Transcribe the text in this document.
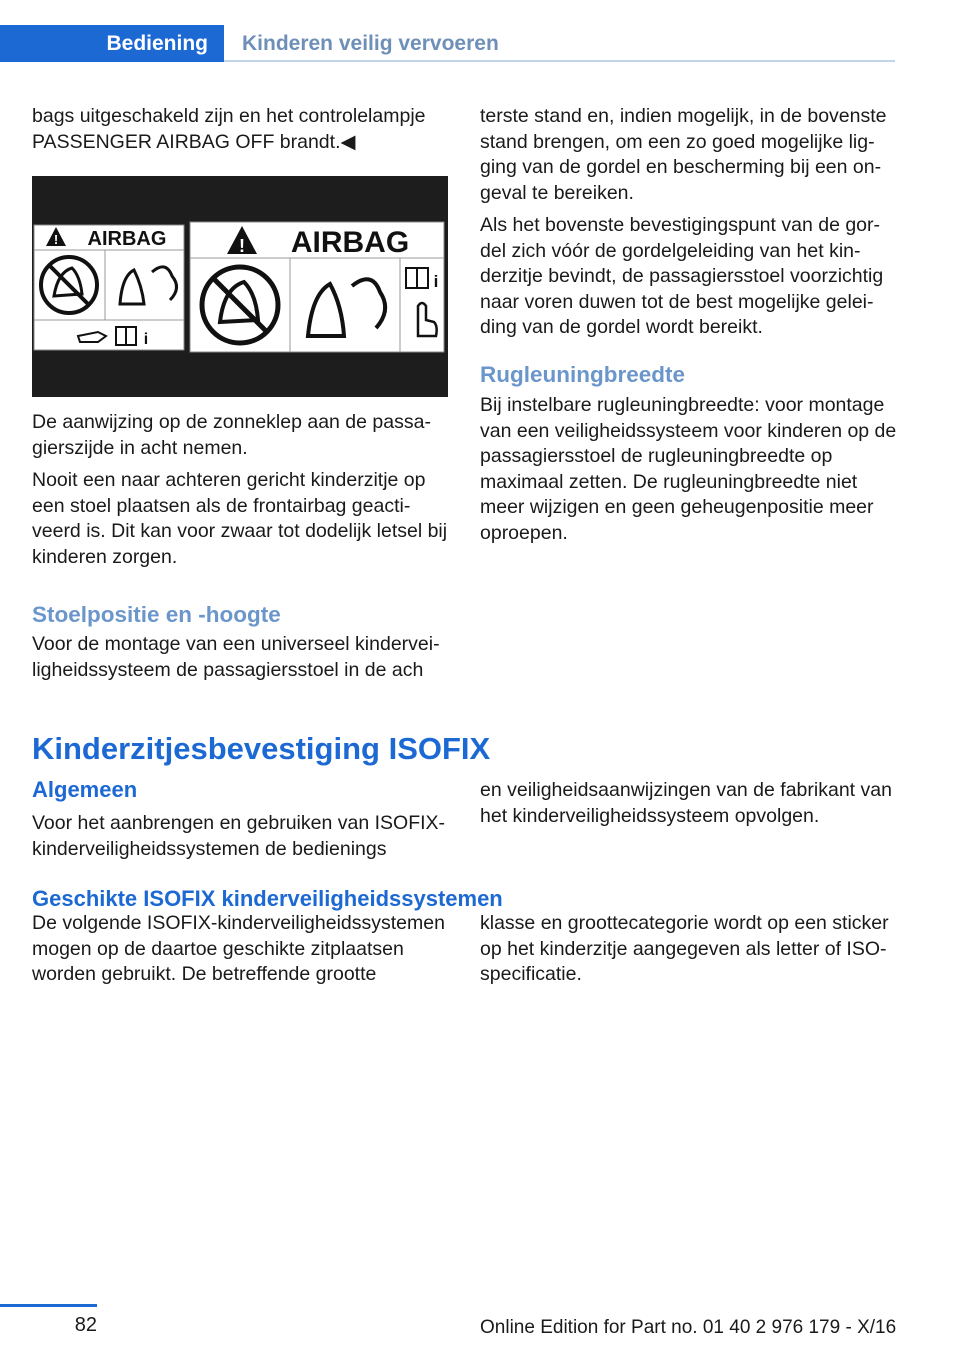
Bediening	Kinderen veilig vervoeren

bags uitgeschakeld zijn en het controlelampje PASSENGER AIRBAG OFF brandt.◀

! AIRBAG
i
! AIRBAG
i

De aanwijzing op de zonneklep aan de passagierszijde in acht nemen.

Nooit een naar achteren gericht kinderzitje op een stoel plaatsen als de frontairbag geactiveerd is. Dit kan voor zwaar tot dodelijk letsel bij kinderen zorgen.

Stoelpositie en -hoogte

Voor de montage van een universeel kinderveiligheidssysteem de passagiersstoel in de ach

terste stand en, indien mogelijk, in de bovenste stand brengen, om een zo goed mogelijke ligging van de gordel en bescherming bij een ongeval te bereiken.

Als het bovenste bevestigingspunt van de gordel zich vóór de gordelgeleiding van het kinderzitje bevindt, de passagiersstoel voorzichtig naar voren duwen tot de best mogelijke geleiding van de gordel wordt bereikt.

Rugleuningbreedte

Bij instelbare rugleuningbreedte: voor montage van een veiligheidssysteem voor kinderen op de passagiersstoel de rugleuningbreedte op maximaal zetten. De rugleuningbreedte niet meer wijzigen en geen geheugenpositie meer oproepen.

Kinderzitjesbevestiging ISOFIX
Algemeen

Voor het aanbrengen en gebruiken van ISOFIX-kinderveiligheidssystemen de bedienings

en veiligheidsaanwijzingen van de fabrikant van het kinderveiligheidssysteem opvolgen.

Geschikte ISOFIX kinderveiligheidssystemen

De volgende ISOFIX-kinderveiligheidssystemen mogen op de daartoe geschikte zitplaatsen worden gebruikt. De betreffende grootte

klasse en groottecategorie wordt op een sticker op het kinderzitje aangegeven als letter of ISO-specificatie.

82	Online Edition for Part no. 01 40 2 976 179 - X/16
